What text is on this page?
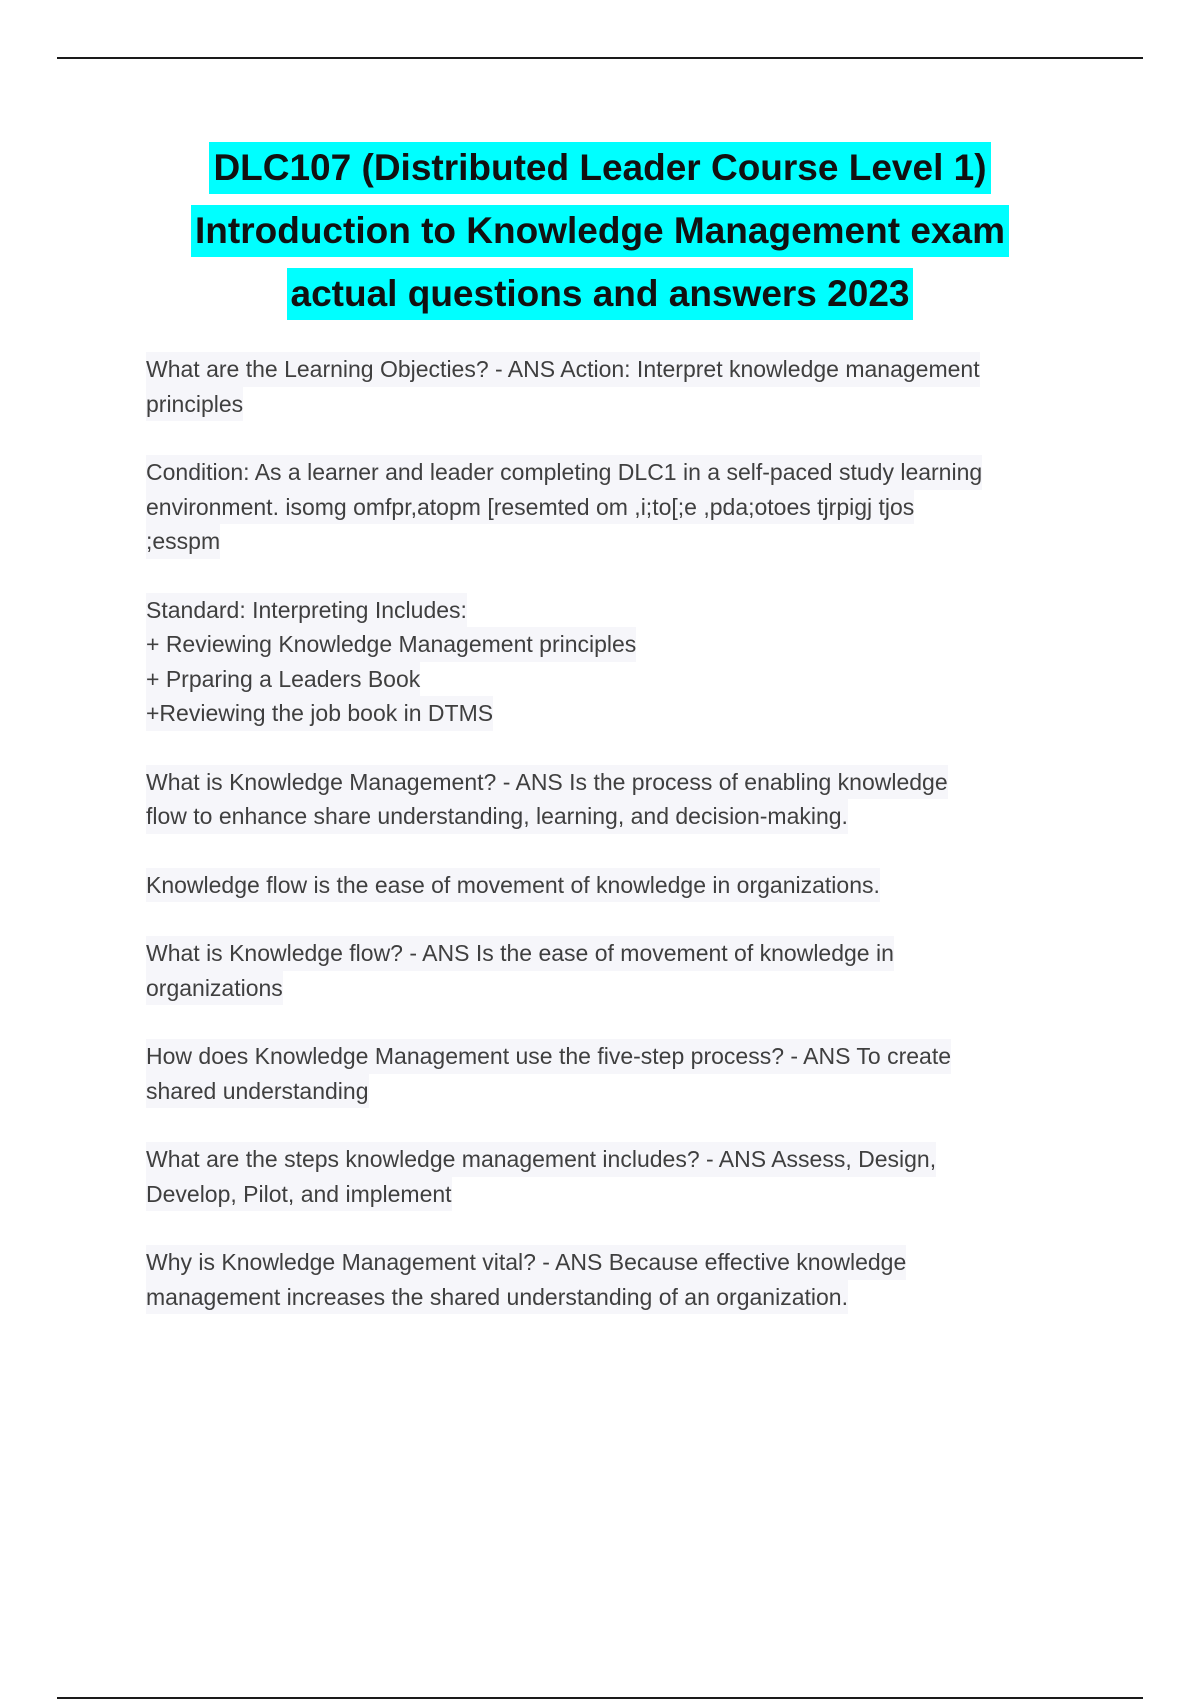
DLC107 (Distributed Leader Course Level 1)
Introduction to Knowledge Management exam
actual questions and answers 2023
What are the Learning Objecties? - ANS Action: Interpret knowledge management
principles
Condition: As a learner and leader completing DLC1 in a self-paced study learning
environment. isomg omfpr,atopm [resemted om ,i;to[;e ,pda;otoes tjrpigj tjos
;esspm
Standard: Interpreting Includes:
+ Reviewing Knowledge Management principles
+ Prparing a Leaders Book
+Reviewing the job book in DTMS
What is Knowledge Management? - ANS Is the process of enabling knowledge
flow to enhance share understanding, learning, and decision-making.
Knowledge flow is the ease of movement of knowledge in organizations.
What is Knowledge flow? - ANS Is the ease of movement of knowledge in
organizations
How does Knowledge Management use the five-step process? - ANS To create
shared understanding
What are the steps knowledge management includes? - ANS Assess, Design,
Develop, Pilot, and implement
Why is Knowledge Management vital? - ANS Because effective knowledge
management increases the shared understanding of an organization.
